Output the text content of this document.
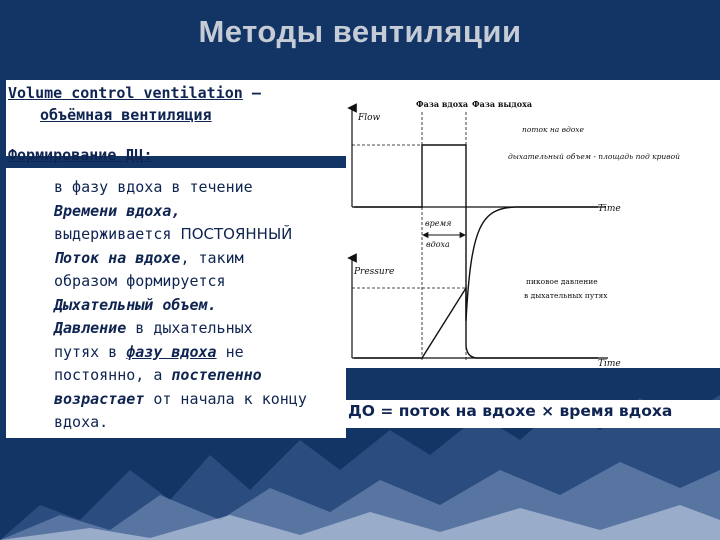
Методы вентиляции
Volume control ventilation –
объёмная вентиляция
Формирование ДЦ:
в фазу вдоха в течение
Времени вдоха,
выдерживается ПОСТОЯННЫЙ
Поток на вдохе, таким
образом формируется
Дыхательный объем.
Давление в дыхательных
путях в фазу вдоха не
постоянно, а постепенно

вдоха.
возрастает от начала к концу
ДО = поток на вдохе × время вдоха
Фаза вдоха Фаза выдоха
Flow
Time
поток на вдохе
дыхательный объем - площадь под кривой
время
вдоха
Pressure
Time
пиковое давление
в дыхательных путях
